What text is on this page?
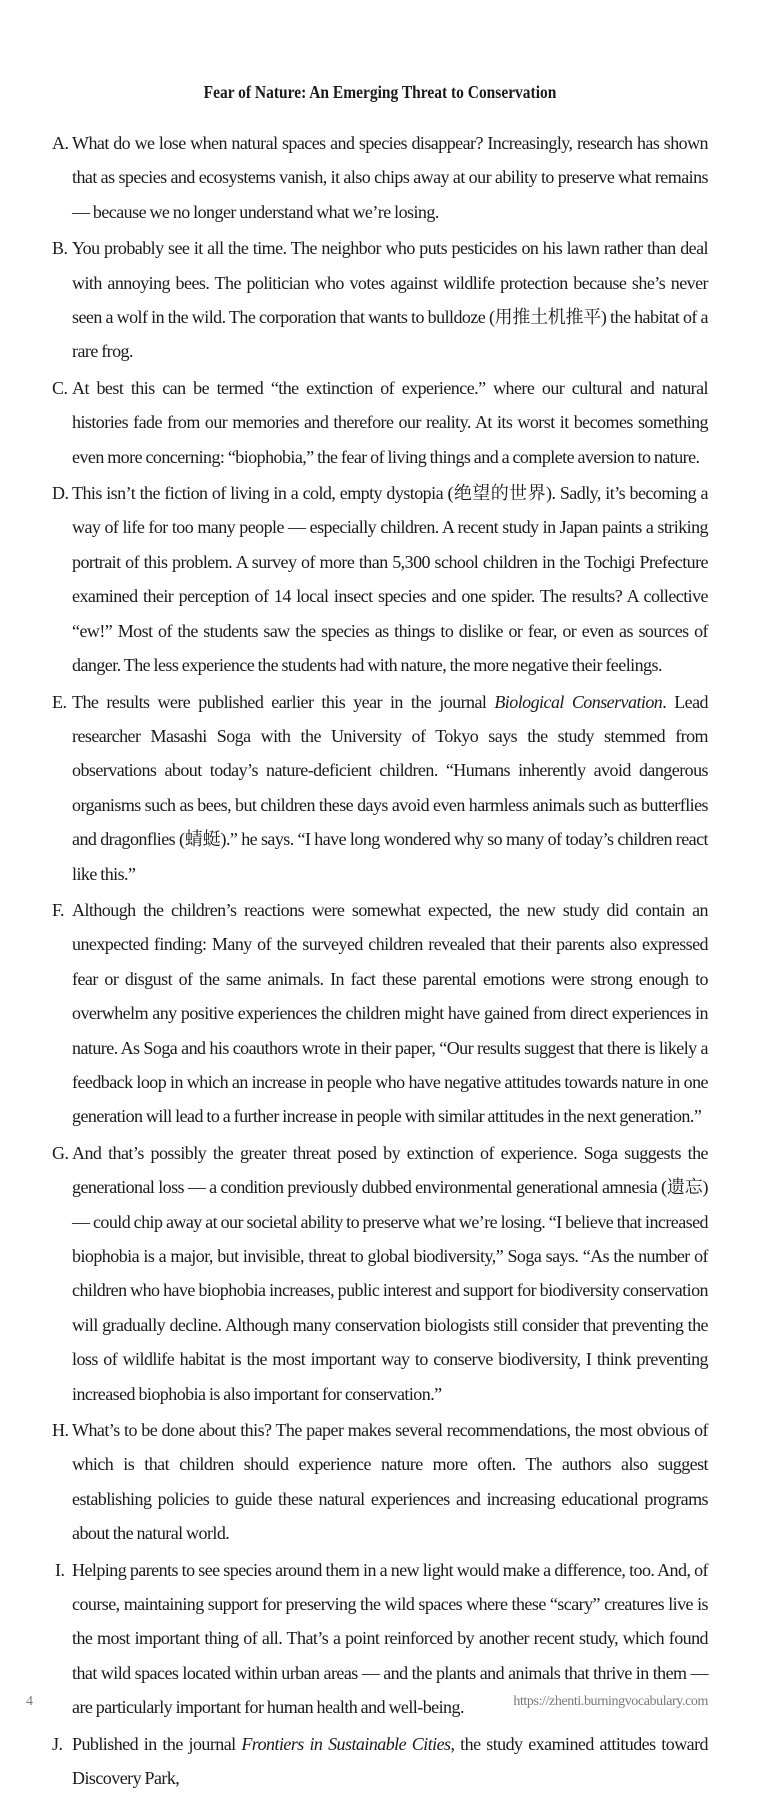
Fear of Nature: An Emerging Threat to Conservation
A. What do we lose when natural spaces and species disappear? Increasingly, research has shown that as species and ecosystems vanish, it also chips away at our ability to preserve what remains — because we no longer understand what we’re losing.
B. You probably see it all the time. The neighbor who puts pesticides on his lawn rather than deal with annoying bees. The politician who votes against wildlife protection because she’s never seen a wolf in the wild. The corporation that wants to bulldoze (用推土机推平) the habitat of a rare frog.
C. At best this can be termed “the extinction of experience.” where our cultural and natural histories fade from our memories and therefore our reality. At its worst it becomes something even more concerning: “biophobia,” the fear of living things and a complete aversion to nature.
D. This isn’t the fiction of living in a cold, empty dystopia (绝望的世界). Sadly, it’s becoming a way of life for too many people — especially children. A recent study in Japan paints a striking portrait of this problem. A survey of more than 5,300 school children in the Tochigi Prefecture examined their perception of 14 local insect species and one spider. The results? A collective “ew!” Most of the students saw the species as things to dislike or fear, or even as sources of danger. The less experience the students had with nature, the more negative their feelings.
E. The results were published earlier this year in the journal Biological Conservation. Lead researcher Masashi Soga with the University of Tokyo says the study stemmed from observations about today’s nature-deficient children. “Humans inherently avoid dangerous organisms such as bees, but children these days avoid even harmless animals such as butterflies and dragonflies (蜻蜓).” he says. “I have long wondered why so many of today’s children react like this.”
F. Although the children’s reactions were somewhat expected, the new study did contain an unexpected finding: Many of the surveyed children revealed that their parents also expressed fear or disgust of the same animals. In fact these parental emotions were strong enough to overwhelm any positive experiences the children might have gained from direct experiences in nature. As Soga and his coauthors wrote in their paper, “Our results suggest that there is likely a feedback loop in which an increase in people who have negative attitudes towards nature in one generation will lead to a further increase in people with similar attitudes in the next generation.”
G. And that’s possibly the greater threat posed by extinction of experience. Soga suggests the generational loss — a condition previously dubbed environmental generational amnesia (遗忘) — could chip away at our societal ability to preserve what we’re losing. “I believe that increased biophobia is a major, but invisible, threat to global biodiversity,” Soga says. “As the number of children who have biophobia increases, public interest and support for biodiversity conservation will gradually decline. Although many conservation biologists still consider that preventing the loss of wildlife habitat is the most important way to conserve biodiversity, I think preventing increased biophobia is also important for conservation.”
H. What’s to be done about this? The paper makes several recommendations, the most obvious of which is that children should experience nature more often. The authors also suggest establishing policies to guide these natural experiences and increasing educational programs about the natural world.
I. Helping parents to see species around them in a new light would make a difference, too. And, of course, maintaining support for preserving the wild spaces where these “scary” creatures live is the most important thing of all. That’s a point reinforced by another recent study, which found that wild spaces located within urban areas — and the plants and animals that thrive in them — are particularly important for human health and well-being.
J. Published in the journal Frontiers in Sustainable Cities, the study examined attitudes toward Discovery Park,
4	https://zhenti.burningvocabulary.com
